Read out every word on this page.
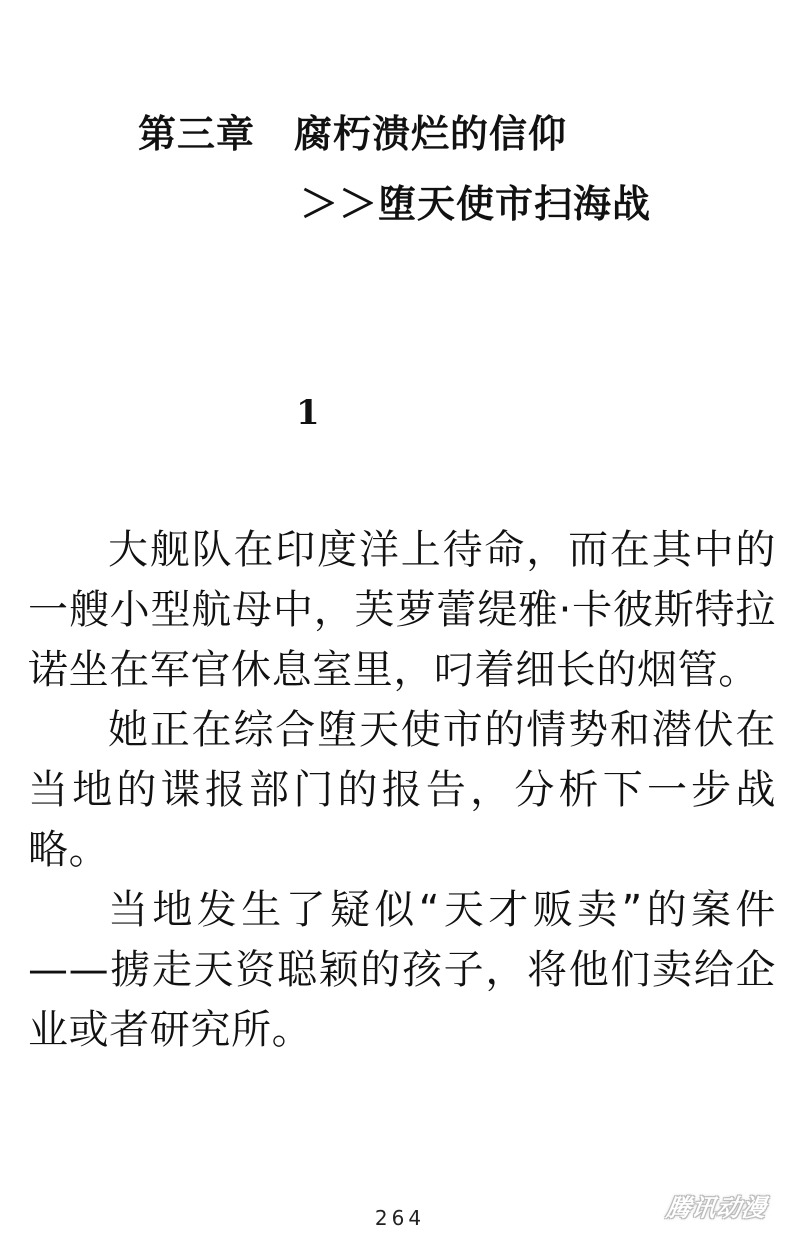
第三章　腐朽溃烂的信仰
＞＞堕天使市扫海战
1

大舰队在印度洋上待命，而在其中的一艘小型航母中，芙萝蕾缇雅·卡彼斯特拉诺坐在军官休息室里，叼着细长的烟管。

她正在综合堕天使市的情势和潜伏在当地的谍报部门的报告，分析下一步战略。

当地发生了疑似“天才贩卖”的案件——掳走天资聪颖的孩子，将他们卖给企业或者研究所。

264	腾讯动漫
